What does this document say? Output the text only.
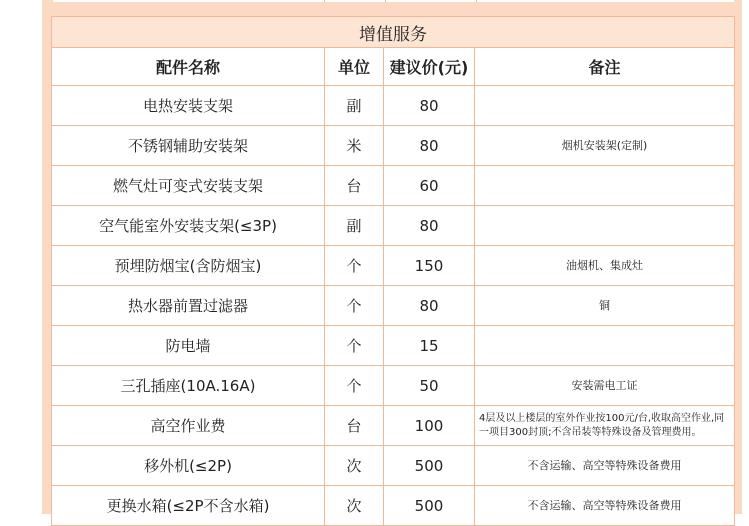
增值服务			
配件名称	单位	建议价(元)	备注
电热安装支架	副	80	
不锈钢辅助安装架	米	80	烟机安装架(定制)
燃气灶可变式安装支架	台	60	
空气能室外安装支架(≤3P)	副	80	
预埋防烟宝(含防烟宝)	个	150	油烟机、集成灶
热水器前置过滤器	个	80	铜
防电墙	个	15	
三孔插座(10A.16A)	个	50	安装需电工证
高空作业费	台	100	4层及以上楼层的室外作业按100元/台,收取高空作业,同一项目300封顶;不含吊装等特殊设备及管理费用。
移外机(≤2P)	次	500	不含运输、高空等特殊设备费用
更换水箱(≤2P不含水箱)	次	500	不含运输、高空等特殊设备费用
